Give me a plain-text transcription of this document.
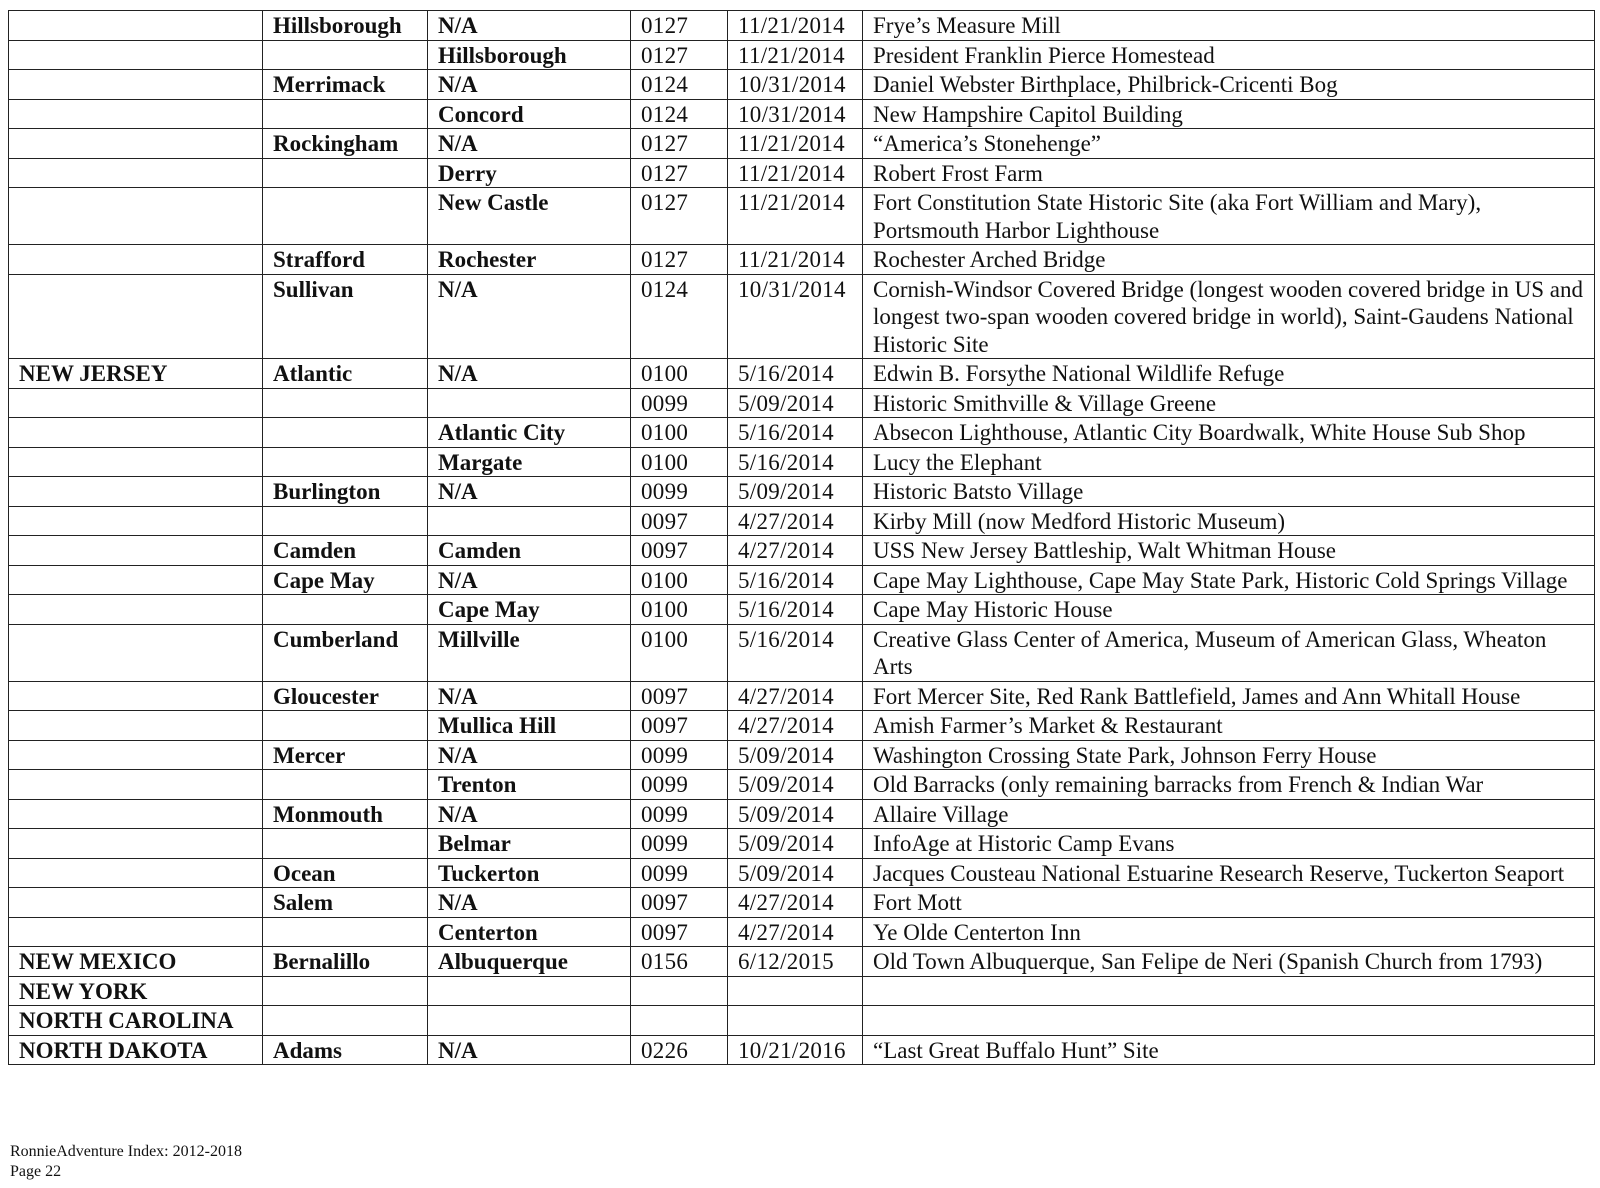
	Hillsborough	N/A	0127	11/21/2014	Frye’s Measure Mill
		Hillsborough	0127	11/21/2014	President Franklin Pierce Homestead
	Merrimack	N/A	0124	10/31/2014	Daniel Webster Birthplace, Philbrick-Cricenti Bog
		Concord	0124	10/31/2014	New Hampshire Capitol Building
	Rockingham	N/A	0127	11/21/2014	“America’s Stonehenge”
		Derry	0127	11/21/2014	Robert Frost Farm
		New Castle	0127	11/21/2014	Fort Constitution State Historic Site (aka Fort William and Mary), Portsmouth Harbor Lighthouse
	Strafford	Rochester	0127	11/21/2014	Rochester Arched Bridge
	Sullivan	N/A	0124	10/31/2014	Cornish-Windsor Covered Bridge (longest wooden covered bridge in US and longest two-span wooden covered bridge in world), Saint-Gaudens National Historic Site
NEW JERSEY	Atlantic	N/A	0100	5/16/2014	Edwin B. Forsythe National Wildlife Refuge
			0099	5/09/2014	Historic Smithville & Village Greene
		Atlantic City	0100	5/16/2014	Absecon Lighthouse, Atlantic City Boardwalk, White House Sub Shop
		Margate	0100	5/16/2014	Lucy the Elephant
	Burlington	N/A	0099	5/09/2014	Historic Batsto Village
			0097	4/27/2014	Kirby Mill (now Medford Historic Museum)
	Camden	Camden	0097	4/27/2014	USS New Jersey Battleship, Walt Whitman House
	Cape May	N/A	0100	5/16/2014	Cape May Lighthouse, Cape May State Park, Historic Cold Springs Village
		Cape May	0100	5/16/2014	Cape May Historic House
	Cumberland	Millville	0100	5/16/2014	Creative Glass Center of America, Museum of American Glass, Wheaton Arts
	Gloucester	N/A	0097	4/27/2014	Fort Mercer Site, Red Rank Battlefield, James and Ann Whitall House
		Mullica Hill	0097	4/27/2014	Amish Farmer’s Market & Restaurant
	Mercer	N/A	0099	5/09/2014	Washington Crossing State Park, Johnson Ferry House
		Trenton	0099	5/09/2014	Old Barracks (only remaining barracks from French & Indian War
	Monmouth	N/A	0099	5/09/2014	Allaire Village
		Belmar	0099	5/09/2014	InfoAge at Historic Camp Evans
	Ocean	Tuckerton	0099	5/09/2014	Jacques Cousteau National Estuarine Research Reserve, Tuckerton Seaport
	Salem	N/A	0097	4/27/2014	Fort Mott
		Centerton	0097	4/27/2014	Ye Olde Centerton Inn
NEW MEXICO	Bernalillo	Albuquerque	0156	6/12/2015	Old Town Albuquerque, San Felipe de Neri (Spanish Church from 1793)
NEW YORK					
NORTH CAROLINA					
NORTH DAKOTA	Adams	N/A	0226	10/21/2016	“Last Great Buffalo Hunt” Site
RonnieAdventure Index: 2012-2018
Page 22
